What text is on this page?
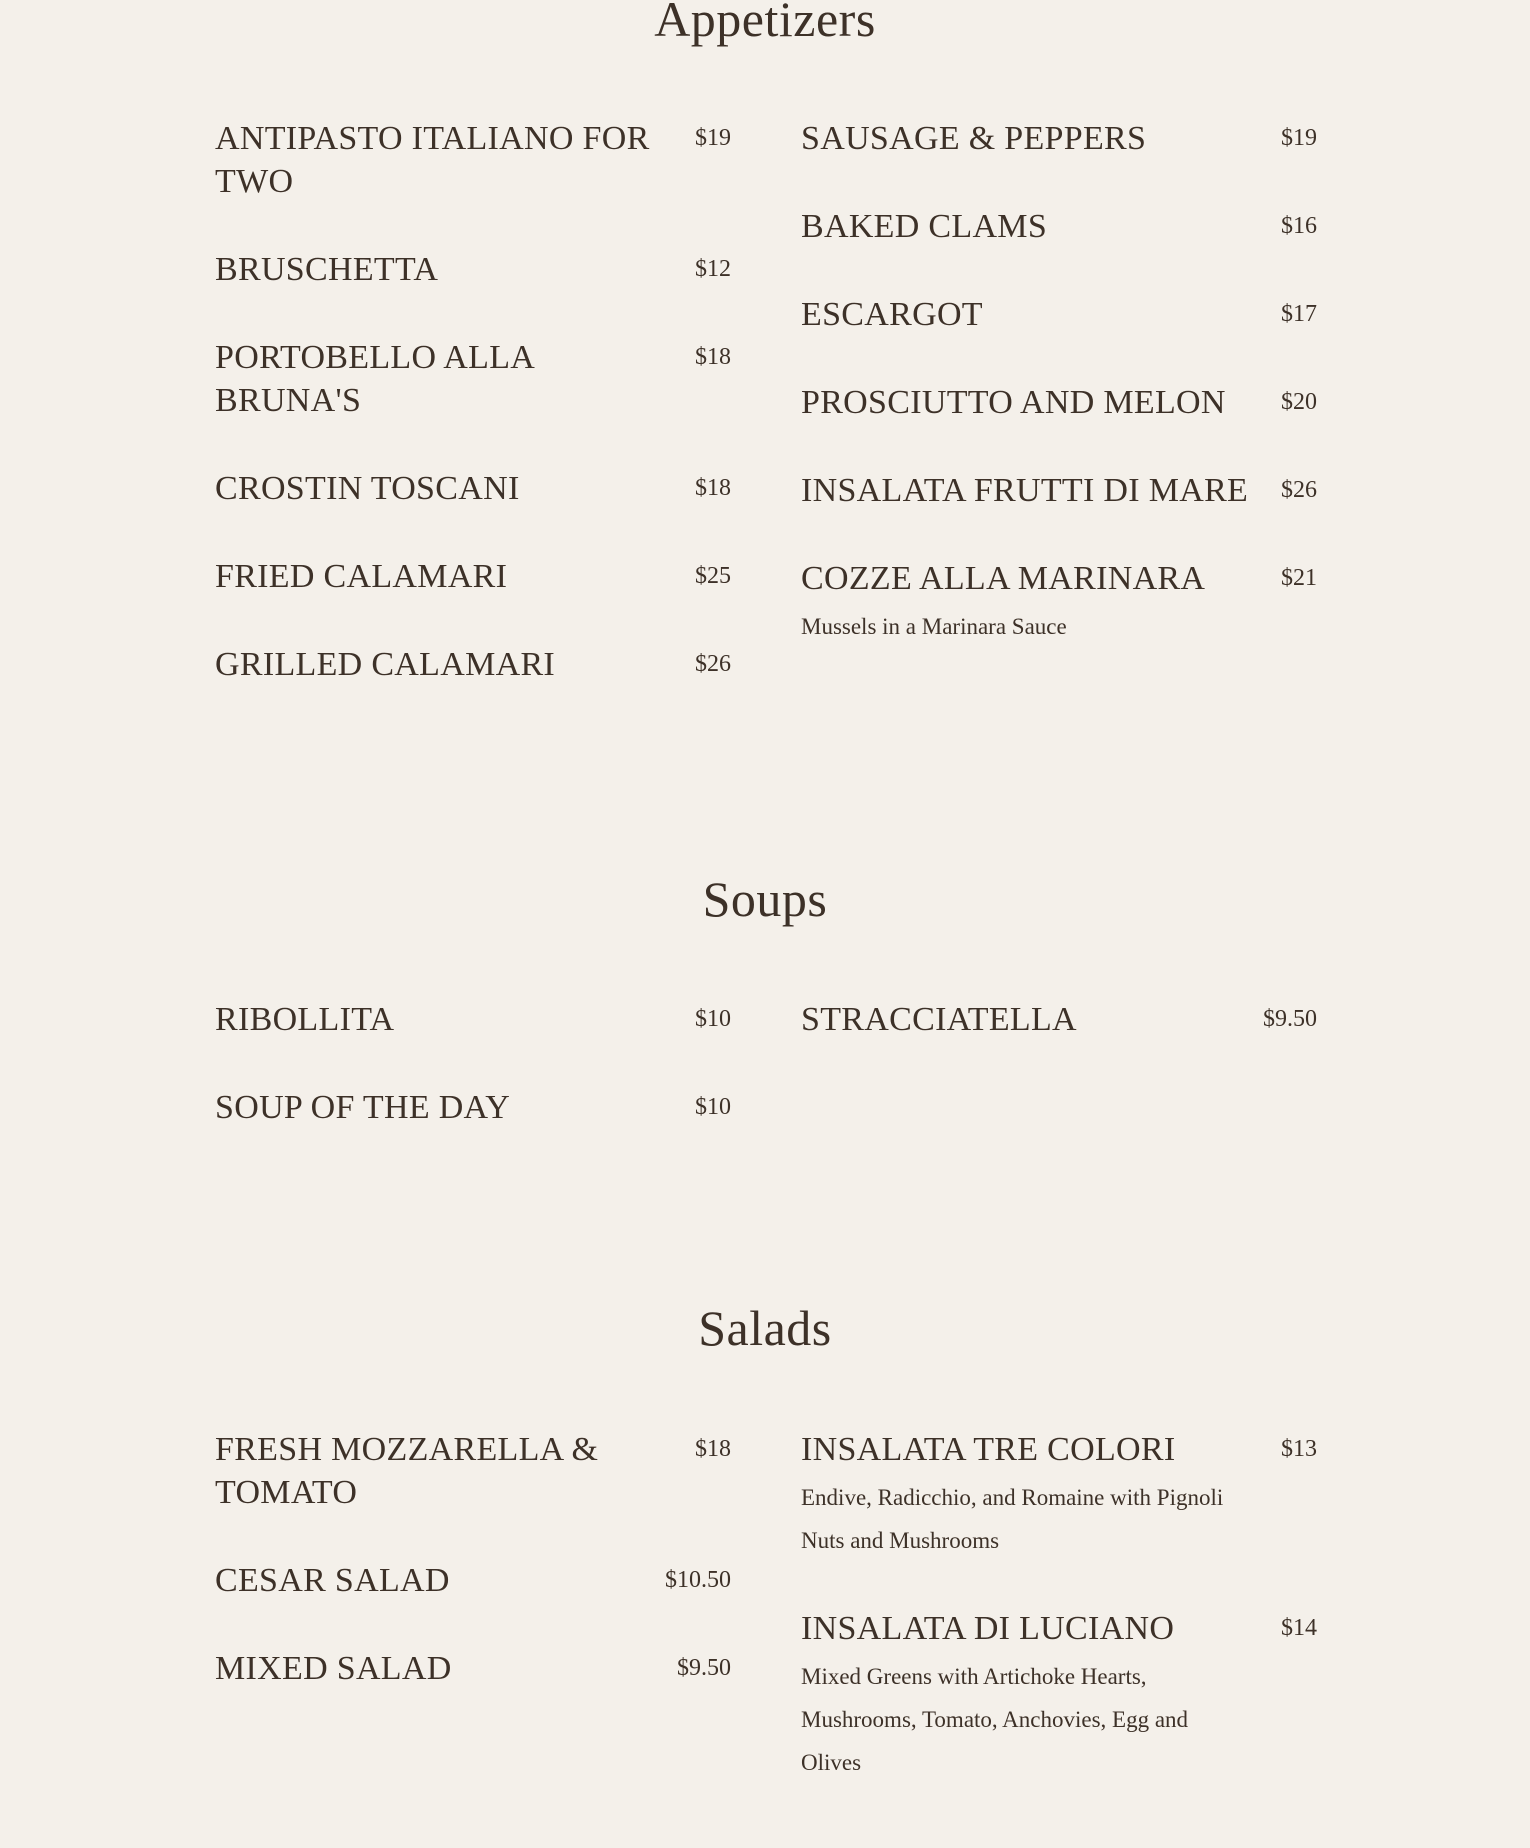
Appetizers
ANTIPASTO ITALIANO FOR TWO
$19
BRUSCHETTA	$12
PORTOBELLO ALLA BRUNA'S
$18
CROSTIN TOSCANI	$18
FRIED CALAMARI	$25
GRILLED CALAMARI	$26
SAUSAGE & PEPPERS	$19
BAKED CLAMS	$16
ESCARGOT	$17
PROSCIUTTO AND MELON	$20
INSALATA FRUTTI DI MARE	$26
COZZE ALLA MARINARA	$21
Mussels in a Marinara Sauce
Soups
RIBOLLITA	$10
SOUP OF THE DAY	$10
STRACCIATELLA	$9.50
Salads
FRESH MOZZARELLA & TOMATO
$18
CESAR SALAD	$10.50
MIXED SALAD	$9.50
INSALATA TRE COLORI	$13
Endive, Radicchio, and Romaine with Pignoli Nuts and Mushrooms
INSALATA DI LUCIANO	$14
Mixed Greens with Artichoke Hearts, Mushrooms, Tomato, Anchovies, Egg and Olives
